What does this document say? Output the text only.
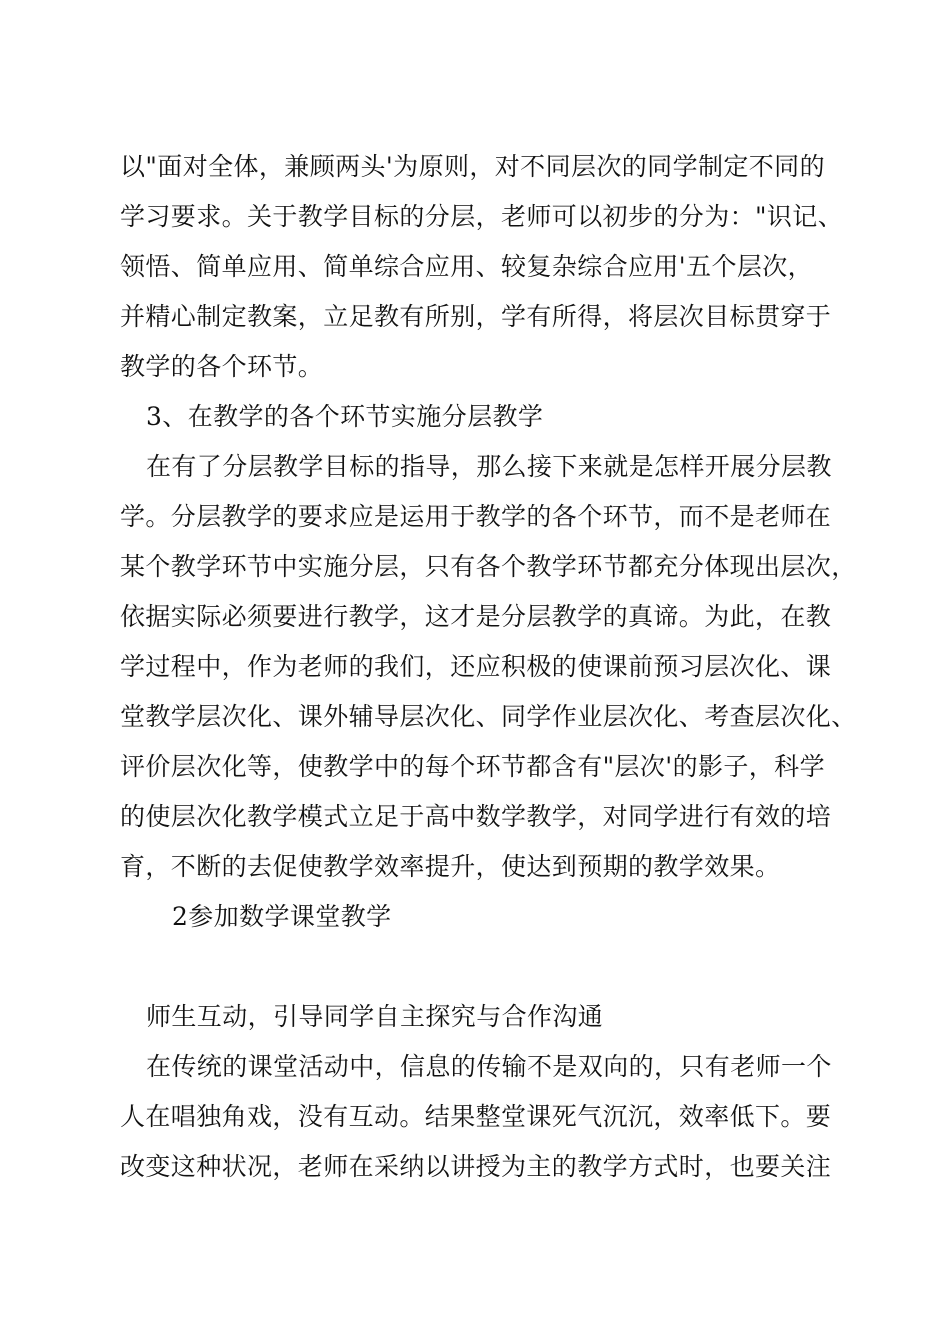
以"面对全体，兼顾两头'为原则，对不同层次的同学制定不同的
学习要求。关于教学目标的分层，老师可以初步的分为："识记、
领悟、简单应用、简单综合应用、较复杂综合应用'五个层次，
并精心制定教案，立足教有所别，学有所得，将层次目标贯穿于
教学的各个环节。
3、在教学的各个环节实施分层教学
在有了分层教学目标的指导，那么接下来就是怎样开展分层教
学。分层教学的要求应是运用于教学的各个环节，而不是老师在
某个教学环节中实施分层，只有各个教学环节都充分体现出层次，
依据实际必须要进行教学，这才是分层教学的真谛。为此，在教
学过程中，作为老师的我们，还应积极的使课前预习层次化、课
堂教学层次化、课外辅导层次化、同学作业层次化、考查层次化、
评价层次化等，使教学中的每个环节都含有"层次'的影子，科学
的使层次化教学模式立足于高中数学教学，对同学进行有效的培
育，不断的去促使教学效率提升，使达到预期的教学效果。
2参加数学课堂教学
师生互动，引导同学自主探究与合作沟通
在传统的课堂活动中，信息的传输不是双向的，只有老师一个
人在唱独角戏，没有互动。结果整堂课死气沉沉，效率低下。要
改变这种状况，老师在采纳以讲授为主的教学方式时，也要关注
